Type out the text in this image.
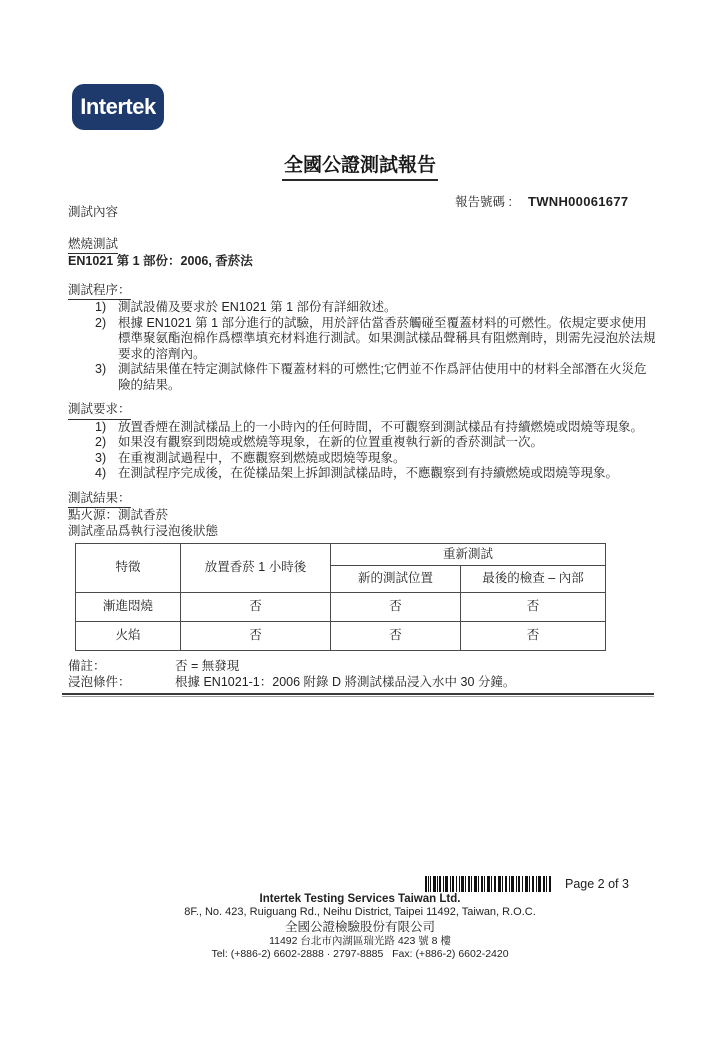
Intertek
全國公證測試報告
報告號碼 : TWNH00061677

測試內容

燃燒測試

EN1021 第 1 部份：2006, 香菸法

測試程序：

1) 測試設備及要求於 EN1021 第 1 部份有詳細敘述。
2) 根據 EN1021 第 1 部分進行的試驗，用於評估當香菸觸碰至覆蓋材料的可燃性。依規定要求使用標準聚氨酯泡棉作爲標準填充材料進行測試。如果測試樣品聲稱具有阻燃劑時，則需先浸泡於法規要求的溶劑內。
3) 測試結果僅在特定測試條件下覆蓋材料的可燃性;它們並不作爲評估使用中的材料全部潛在火災危險的結果。

測試要求：

1) 放置香煙在測試樣品上的一小時內的任何時間，不可觀察到測試樣品有持續燃燒或悶燒等現象。
2) 如果沒有觀察到悶燒或燃燒等現象，在新的位置重複執行新的香菸測試一次。
3) 在重複測試過程中，不應觀察到燃燒或悶燒等現象。
4) 在測試程序完成後，在從樣品架上拆卸測試樣品時，不應觀察到有持續燃燒或悶燒等現象。

測試結果：

點火源：測試香菸

測試產品爲執行浸泡後狀態

特徵	放置香菸 1 小時後	重新測試	
		新的測試位置	最後的檢查 – 內部
漸進悶燒	否	否	否
火焰	否	否	否
備註：	否 = 無發現
浸泡條件：	根據 EN1021-1：2006 附錄 D 將測試樣品浸入水中 30 分鐘。
Page 2 of 3
Intertek Testing Services Taiwan Ltd.
8F., No. 423, Ruiguang Rd., Neihu District, Taipei 11492, Taiwan, R.O.C.
全國公證檢驗股份有限公司
11492 台北市內湖區瑞光路 423 號 8 樓
Tel: (+886-2) 6602-2888 · 2797-8885   Fax: (+886-2) 6602-2420
